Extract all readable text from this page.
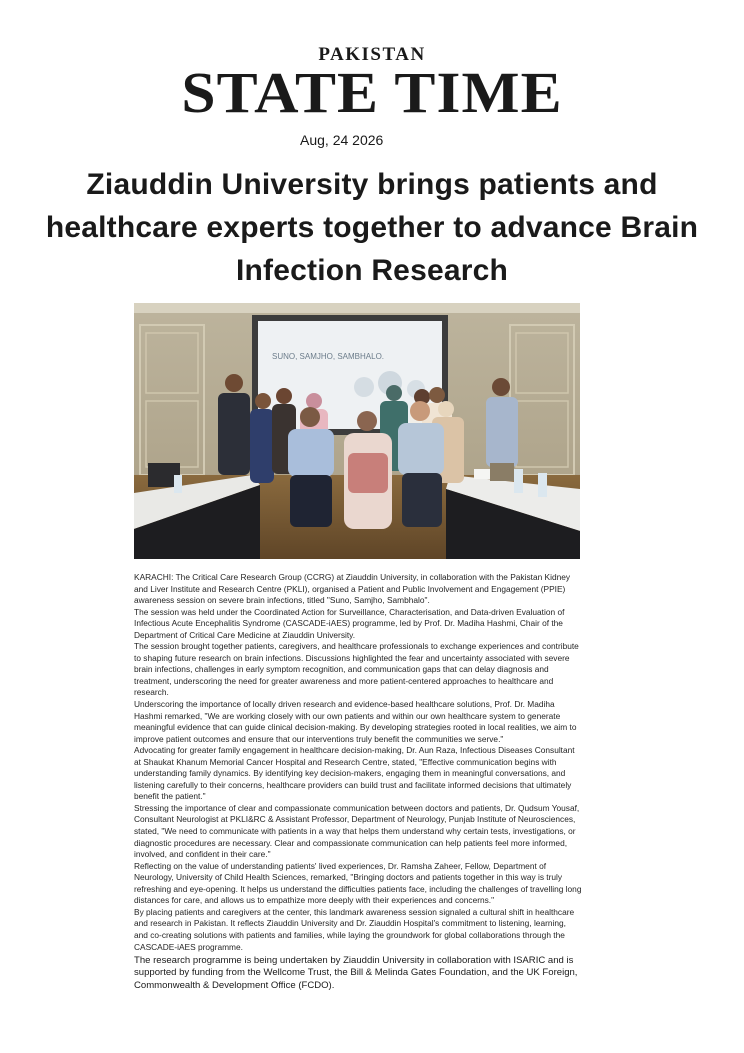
PAKISTAN
STATE TIME
Aug, 24 2026
Ziauddin University brings patients and healthcare experts together to advance Brain Infection Research
SUNO, SAMJHO, SAMBHALO.

KARACHI: The Critical Care Research Group (CCRG) at Ziauddin University, in collaboration with the Pakistan Kidney and Liver Institute and Research Centre (PKLI), organised a Patient and Public Involvement and Engagement (PPIE) awareness session on severe brain infections, titled "Suno, Samjho, Sambhalo".

The session was held under the Coordinated Action for Surveillance, Characterisation, and Data-driven Evaluation of Infectious Acute Encephalitis Syndrome (CASCADE-iAES) programme, led by Prof. Dr. Madiha Hashmi, Chair of the Department of Critical Care Medicine at Ziauddin University.

The session brought together patients, caregivers, and healthcare professionals to exchange experiences and contribute to shaping future research on brain infections. Discussions highlighted the fear and uncertainty associated with severe brain infections, challenges in early symptom recognition, and communication gaps that can delay diagnosis and treatment, underscoring the need for greater awareness and more patient-centered approaches to healthcare and research.

Underscoring the importance of locally driven research and evidence-based healthcare solutions, Prof. Dr. Madiha Hashmi remarked, "We are working closely with our own patients and within our own healthcare system to generate meaningful evidence that can guide clinical decision-making. By developing strategies rooted in local realities, we aim to improve patient outcomes and ensure that our interventions truly benefit the communities we serve."

Advocating for greater family engagement in healthcare decision-making, Dr. Aun Raza, Infectious Diseases Consultant at Shaukat Khanum Memorial Cancer Hospital and Research Centre, stated, "Effective communication begins with understanding family dynamics. By identifying key decision-makers, engaging them in meaningful conversations, and listening carefully to their concerns, healthcare providers can build trust and facilitate informed decisions that ultimately benefit the patient."

Stressing the importance of clear and compassionate communication between doctors and patients, Dr. Qudsum Yousaf, Consultant Neurologist at PKLI&RC & Assistant Professor, Department of Neurology, Punjab Institute of Neurosciences, stated, "We need to communicate with patients in a way that helps them understand why certain tests, investigations, or diagnostic procedures are necessary. Clear and compassionate communication can help patients feel more informed, involved, and confident in their care."

Reflecting on the value of understanding patients' lived experiences, Dr. Ramsha Zaheer, Fellow, Department of Neurology, University of Child Health Sciences, remarked, "Bringing doctors and patients together in this way is truly refreshing and eye-opening. It helps us understand the difficulties patients face, including the challenges of travelling long distances for care, and allows us to empathize more deeply with their experiences and concerns."

By placing patients and caregivers at the center, this landmark awareness session signaled a cultural shift in healthcare and research in Pakistan. It reflects Ziauddin University and Dr. Ziauddin Hospital's commitment to listening, learning, and co-creating solutions with patients and families, while laying the groundwork for global collaborations through the CASCADE-iAES programme.

The research programme is being undertaken by Ziauddin University in collaboration with ISARIC and is supported by funding from the Wellcome Trust, the Bill & Melinda Gates Foundation, and the UK Foreign, Commonwealth & Development Office (FCDO).
